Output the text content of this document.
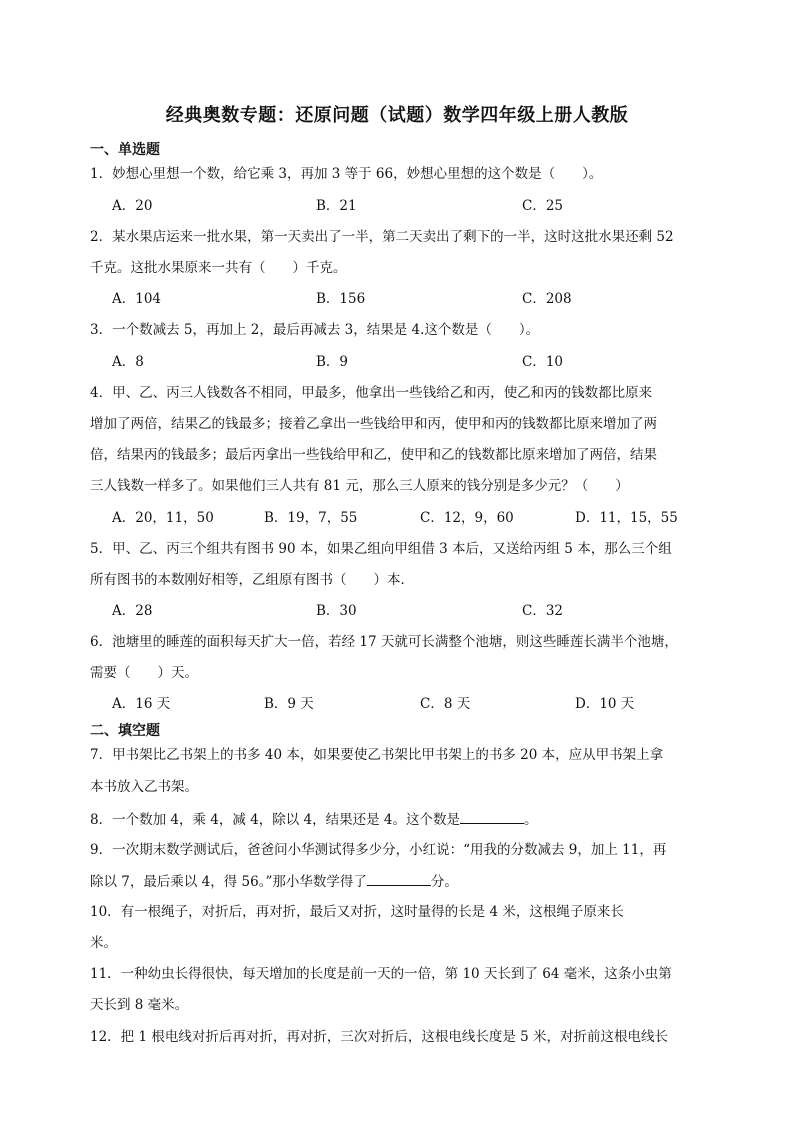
经典奥数专题：还原问题（试题）数学四年级上册人教版
一、单选题
1．妙想心里想一个数，给它乘 3，再加 3 等于 66，妙想心里想的这个数是（　　）。
A．20	B．21	C．25
2．某水果店运来一批水果，第一天卖出了一半，第二天卖出了剩下的一半，这时这批水果还剩 52
千克。这批水果原来一共有（　　）千克。
A．104	B．156	C．208
3．一个数减去 5，再加上 2，最后再减去 3，结果是 4.这个数是（　　）。
A．8	B．9	C．10
4．甲、乙、丙三人钱数各不相同，甲最多，他拿出一些钱给乙和丙，使乙和丙的钱数都比原来
增加了两倍，结果乙的钱最多；接着乙拿出一些钱给甲和丙，使甲和丙的钱数都比原来增加了两
倍，结果丙的钱最多；最后丙拿出一些钱给甲和乙，使甲和乙的钱数都比原来增加了两倍，结果
三人钱数一样多了。如果他们三人共有 81 元，那么三人原来的钱分别是多少元？（　　）
A．20，11，50	B．19，7，55	C．12，9，60	D．11，15，55
5．甲、乙、丙三个组共有图书 90 本，如果乙组向甲组借 3 本后，又送给丙组 5 本，那么三个组
所有图书的本数刚好相等，乙组原有图书（　　）本．
A．28	B．30	C．32
6．池塘里的睡莲的面积每天扩大一倍，若经 17 天就可长满整个池塘，则这些睡莲长满半个池塘，
需要（　　）天。
A．16 天	B．9 天	C．8 天	D．10 天
二、填空题
7．甲书架比乙书架上的书多 40 本，如果要使乙书架比甲书架上的书多 20 本，应从甲书架上拿
本书放入乙书架。
8．一个数加 4，乘 4，减 4，除以 4，结果还是 4。这个数是	。
9．一次期末数学测试后，爸爸问小华测试得多少分，小红说：“用我的分数减去 9，加上 11，再
除以 7，最后乘以 4，得 56。”那小华数学得了	分。
10．有一根绳子，对折后，再对折，最后又对折，这时量得的长是 4 米，这根绳子原来长
米。
11．一种幼虫长得很快，每天增加的长度是前一天的一倍，第 10 天长到了 64 毫米，这条小虫第
天长到 8 毫米。
12．把 1 根电线对折后再对折，再对折，三次对折后，这根电线长度是 5 米，对折前这根电线长
